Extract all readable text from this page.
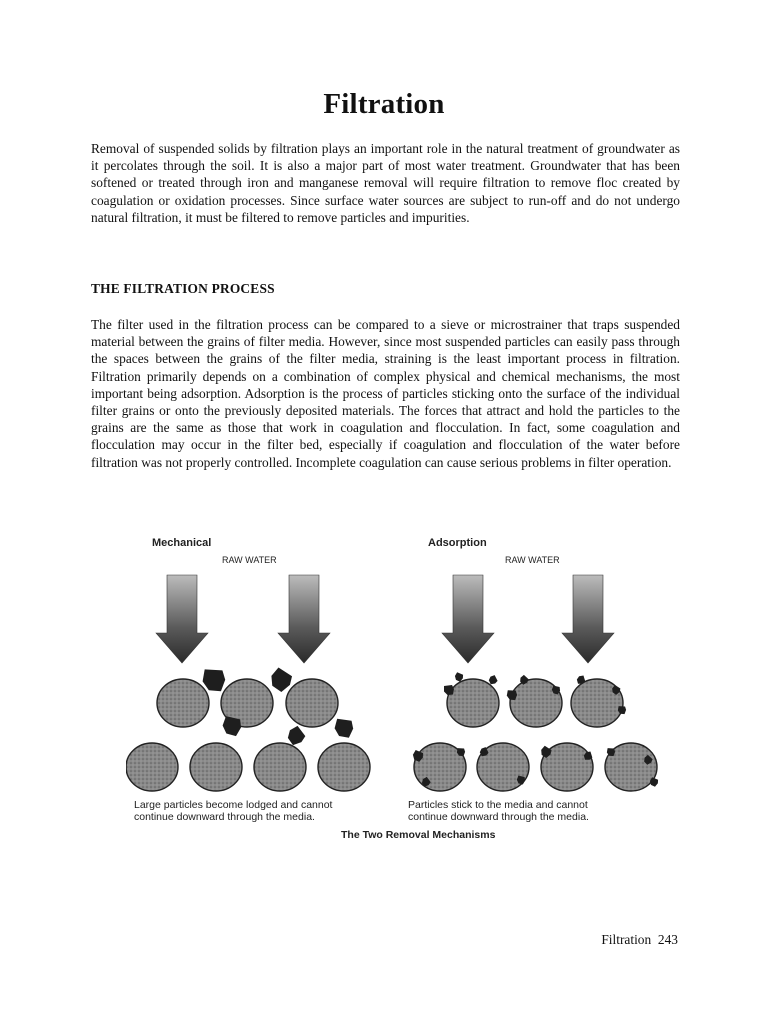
Filtration

Removal of suspended solids by filtration plays an important role in the natural treatment of groundwater as it percolates through the soil. It is also a major part of most water treatment. Groundwater that has been softened or treated through iron and manganese removal will require filtration to remove floc created by coagulation or oxidation processes. Since surface water sources are subject to run-off and do not undergo natural filtration, it must be filtered to remove particles and impurities.

THE FILTRATION PROCESS

The filter used in the filtration process can be compared to a sieve or microstrainer that traps suspended material between the grains of filter media. However, since most suspended particles can easily pass through the spaces between the grains of the filter media, straining is the least important process in filtration. Filtration primarily depends on a combination of complex physical and chemical mechanisms, the most important being adsorption. Adsorption is the process of particles sticking onto the surface of the individual filter grains or onto the previously deposited materials. The forces that attract and hold the particles to the grains are the same as those that work in coagulation and flocculation. In fact, some coagulation and flocculation may occur in the filter bed, especially if coagulation and flocculation of the water before filtration was not properly controlled. Incomplete coagulation can cause serious problems in filter operation.

Mechanical	Adsorption
RAW WATER	RAW WATER
Large particles become lodged and cannot
continue downward through the media.
Particles stick to the media and cannot
continue downward through the media.
The Two Removal Mechanisms
Filtration 243
